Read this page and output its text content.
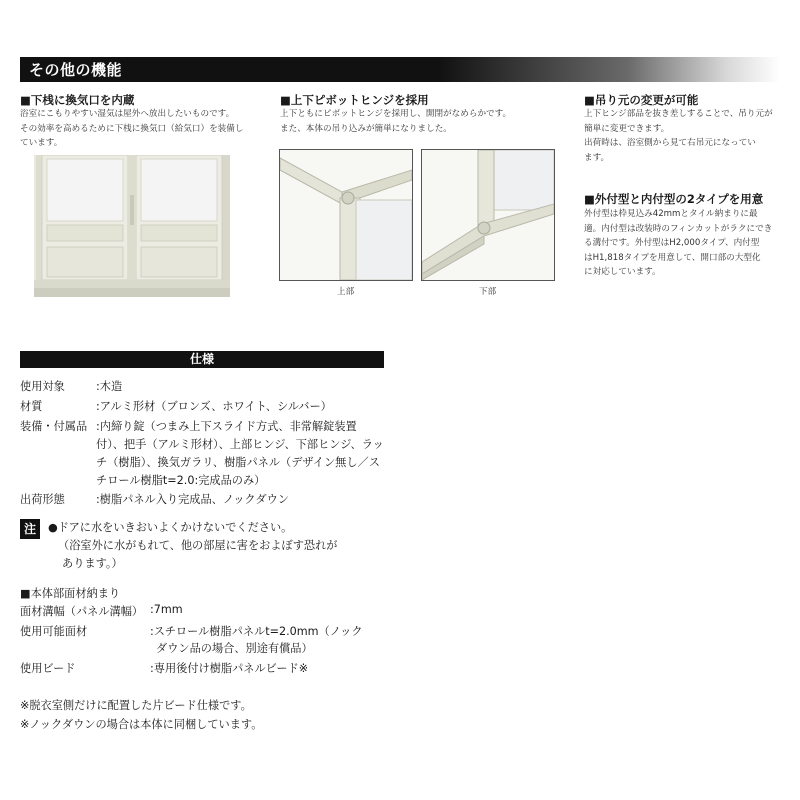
その他の機能
■下桟に換気口を内蔵
浴室にこもりやすい湿気は屋外へ放出したいものです。
その効率を高めるために下桟に換気口（給気口）を装備し
ています。
■上下ピボットヒンジを採用
上下ともにピボットヒンジを採用し、開閉がなめらかです。
また、本体の吊り込みが簡単になりました。
上部	下部
■吊り元の変更が可能
上下ヒンジ部品を抜き差しすることで、吊り元が
簡単に変更できます。
出荷時は、浴室側から見て右吊元になってい
ます。
■外付型と内付型の2タイプを用意
外付型は枠見込み42mmとタイル納まりに最
適。内付型は改装時のフィンカットがラクにでき
る溝付です。外付型はH2,000タイプ、内付型
はH1,818タイプを用意して、開口部の大型化
に対応しています。
仕様
使用対象	:木造
材質	:アルミ形材（ブロンズ、ホワイト、シルバー）
装備・付属品 :内締り錠（つまみ上下スライド方式、非常解錠装置
付）、把手（アルミ形材）、上部ヒンジ、下部ヒンジ、ラッ
チ（樹脂）、換気ガラリ、樹脂パネル（デザイン無し／ス
チロール樹脂t=2.0:完成品のみ）
出荷形態	:樹脂パネル入り完成品、ノックダウン
注	●ドアに水をいきおいよくかけないでください。
（浴室外に水がもれて、他の部屋に害をおよぼす恐れが
あります。）
■本体部面材納まり
面材溝幅（パネル溝幅） :7mm
使用可能面材	:スチロール樹脂パネルt=2.0mm（ノック
ダウン品の場合、別途有償品）
使用ビード	:専用後付け樹脂パネルビード※
※脱衣室側だけに配置した片ビード仕様です。
※ノックダウンの場合は本体に同梱しています。
